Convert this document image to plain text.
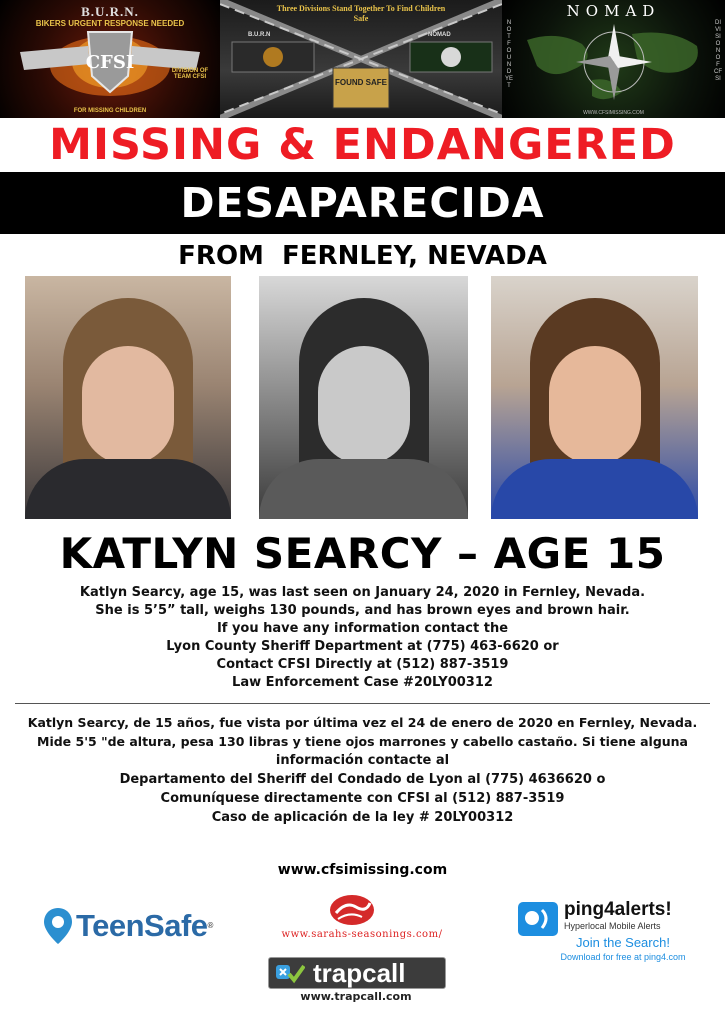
B.U.R.N.
BIKERS URGENT RESPONSE NEEDED
CFSI	DIVISION OF TEAM CFSI
FOR MISSING CHILDREN
FOUND SAFE
Three Divisions Stand Together To Find Children Safe
B.U.R.N	NOMAD
NOMAD
NOT FOUND YET
DIVISION OF CFSI
WWW.CFSIMISSING.COM
MISSING & ENDANGERED
DESAPARECIDA
FROM  FERNLEY, NEVADA
KATLYN SEARCY – AGE 15
Katlyn Searcy, age 15, was last seen on January 24, 2020 in Fernley, Nevada.
She is 5’5” tall, weighs 130 pounds, and has brown eyes and brown hair.
If you have any information contact the
Lyon County Sheriff Department at (775) 463-6620 or
Contact CFSI Directly at (512) 887-3519
Law Enforcement Case #20LY00312
Katlyn Searcy, de 15 años, fue vista por última vez el 24 de enero de 2020 en Fernley, Nevada.
Mide 5'5 "de altura, pesa 130 libras y tiene ojos marrones y cabello castaño. Si tiene alguna
información contacte al
Departamento del Sheriff del Condado de Lyon al (775) 4636620 o
Comuníquese directamente con CFSI al (512) 887-3519
Caso de aplicación de la ley # 20LY00312
www.cfsimissing.com
TeenSafe®
www.sarahs-seasonings.com/
trapcall
www.trapcall.com
ping4alerts!
Hyperlocal Mobile Alerts
Join the Search!
Download for free at ping4.com
